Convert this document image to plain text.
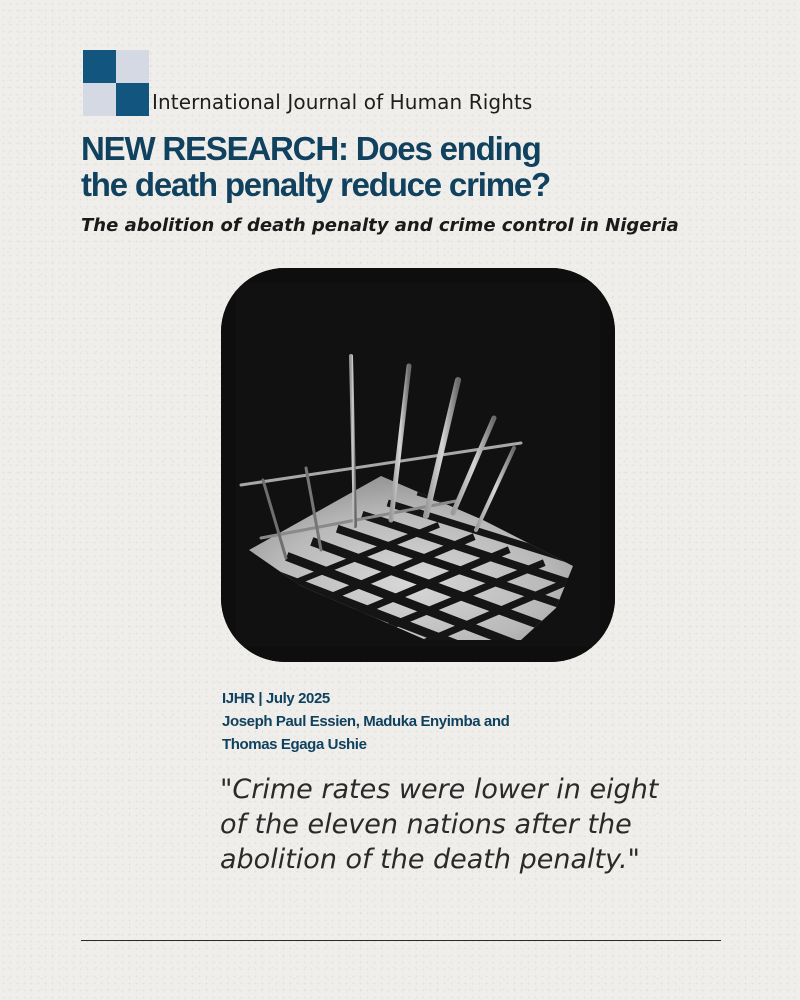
International Journal of Human Rights
NEW RESEARCH: Does ending
the death penalty reduce crime?

The abolition of death penalty and crime control in Nigeria

IJHR | July 2025
Joseph Paul Essien, Maduka Enyimba and
Thomas Egaga Ushie

"Crime rates were lower in eight of the eleven nations after the abolition of the death penalty."
